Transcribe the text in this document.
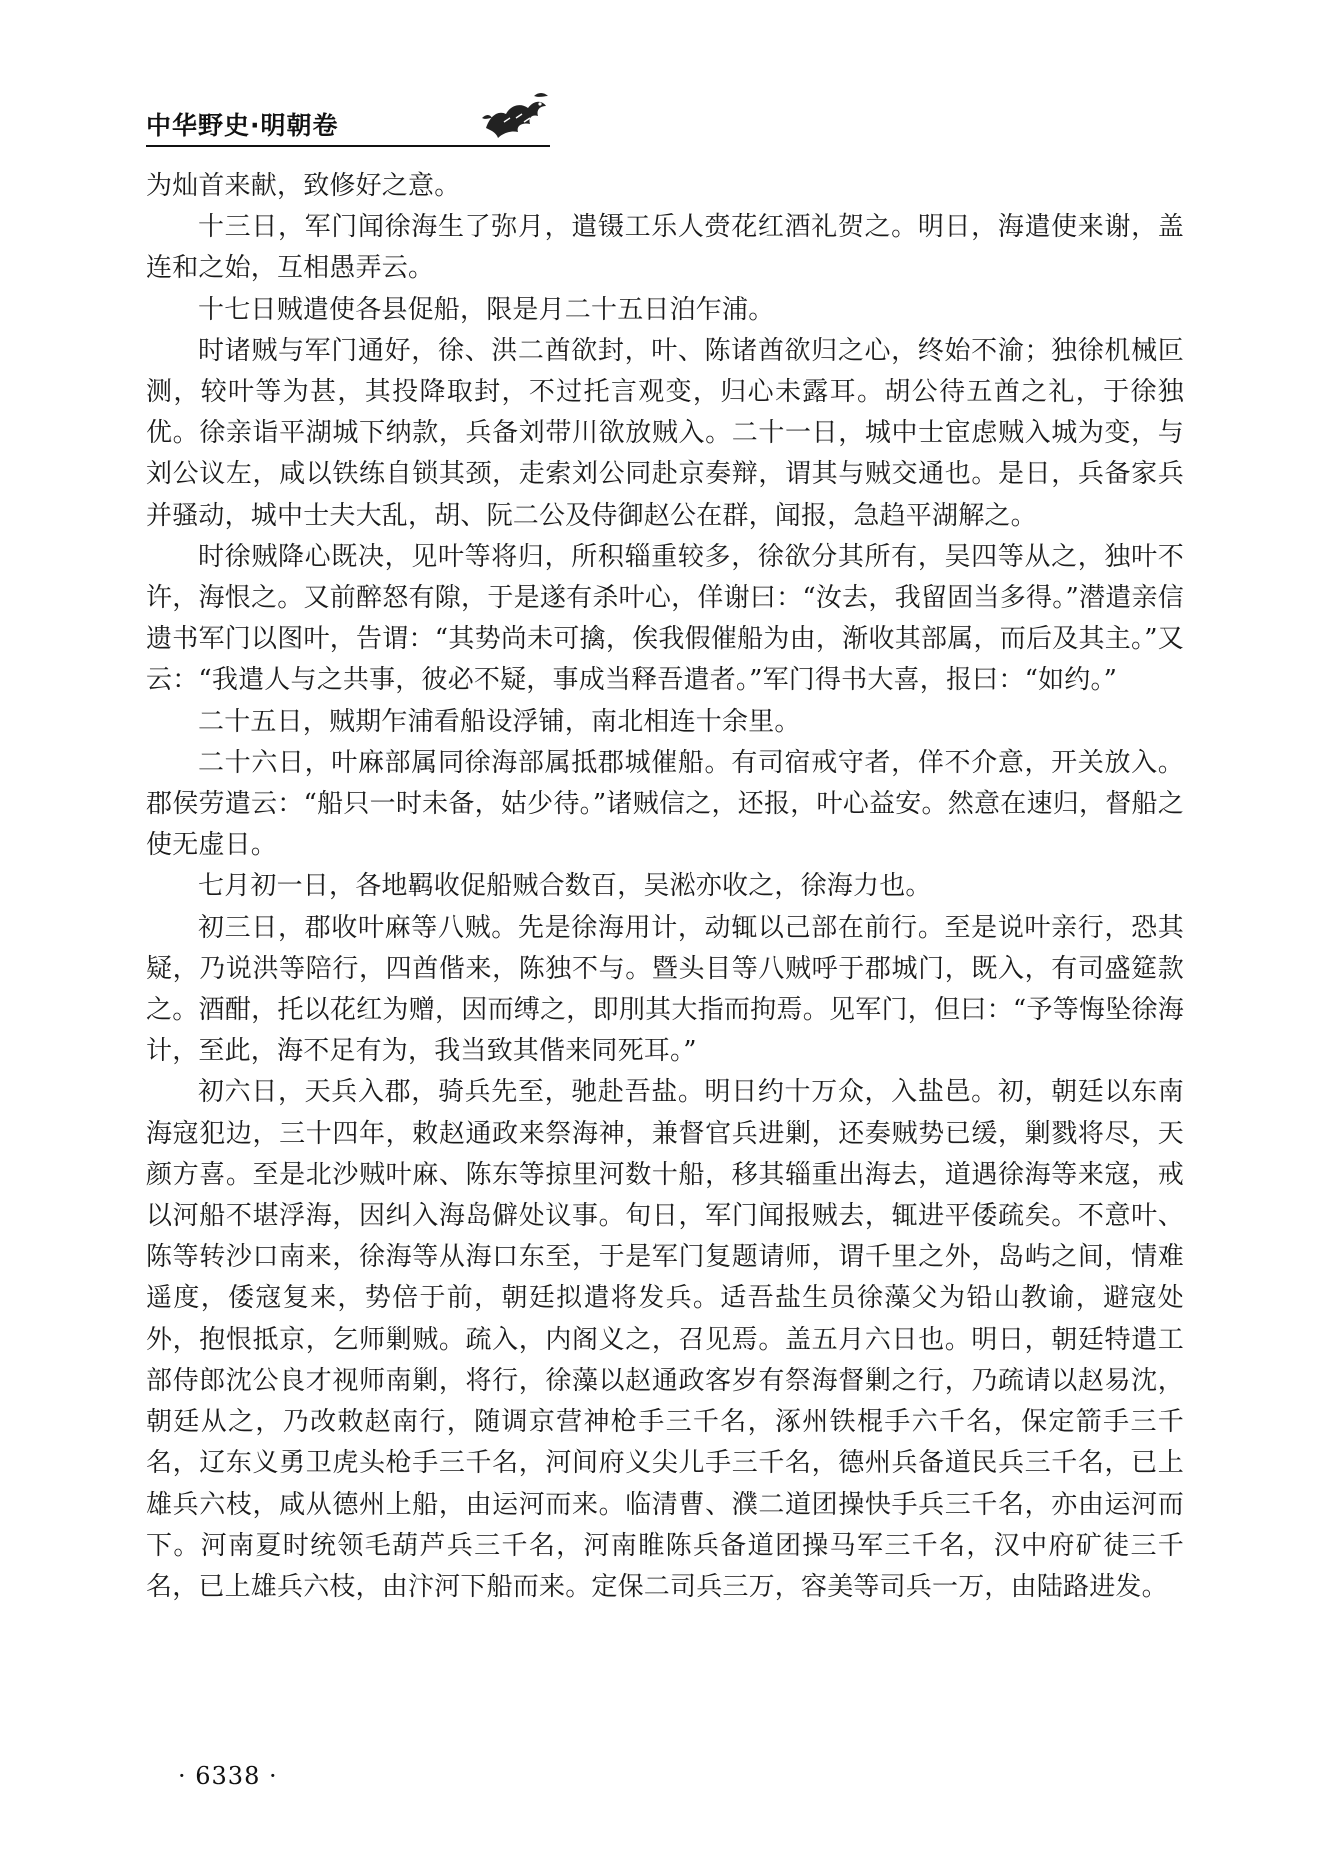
中华野史·明朝卷

为灿首来献，致修好之意。

十三日，军门闻徐海生了弥月，遣镊工乐人赍花红酒礼贺之。明日，海遣使来谢，盖连和之始，互相愚弄云。

十七日贼遣使各县促船，限是月二十五日泊乍浦。

时诸贼与军门通好，徐、洪二酋欲封，叶、陈诸酋欲归之心，终始不渝；独徐机械叵测，较叶等为甚，其投降取封，不过托言观变，归心未露耳。胡公待五酋之礼，于徐独优。徐亲诣平湖城下纳款，兵备刘带川欲放贼入。二十一日，城中士宦虑贼入城为变，与刘公议左，咸以铁练自锁其颈，走索刘公同赴京奏辩，谓其与贼交通也。是日，兵备家兵并骚动，城中士夫大乱，胡、阮二公及侍御赵公在群，闻报，急趋平湖解之。

时徐贼降心既决，见叶等将归，所积辎重较多，徐欲分其所有，吴四等从之，独叶不许，海恨之。又前醉怒有隙，于是遂有杀叶心，佯谢曰：“汝去，我留固当多得。”潜遣亲信遗书军门以图叶，告谓：“其势尚未可擒，俟我假催船为由，渐收其部属，而后及其主。”又云：“我遣人与之共事，彼必不疑，事成当释吾遣者。”军门得书大喜，报曰：“如约。”

二十五日，贼期乍浦看船设浮铺，南北相连十余里。

二十六日，叶麻部属同徐海部属抵郡城催船。有司宿戒守者，佯不介意，开关放入。郡侯劳遣云：“船只一时未备，姑少待。”诸贼信之，还报，叶心益安。然意在速归，督船之使无虚日。

七月初一日，各地羁收促船贼合数百，吴淞亦收之，徐海力也。

初三日，郡收叶麻等八贼。先是徐海用计，动辄以己部在前行。至是说叶亲行，恐其疑，乃说洪等陪行，四酋偕来，陈独不与。暨头目等八贼呼于郡城门，既入，有司盛筵款之。酒酣，托以花红为赠，因而缚之，即刖其大指而拘焉。见军门，但曰：“予等悔坠徐海计，至此，海不足有为，我当致其偕来同死耳。”

初六日，天兵入郡，骑兵先至，驰赴吾盐。明日约十万众，入盐邑。初，朝廷以东南海寇犯边，三十四年，敕赵通政来祭海神，兼督官兵进剿，还奏贼势已缓，剿戮将尽，天颜方喜。至是北沙贼叶麻、陈东等掠里河数十船，移其辎重出海去，道遇徐海等来寇，戒以河船不堪浮海，因纠入海岛僻处议事。旬日，军门闻报贼去，辄进平倭疏矣。不意叶、陈等转沙口南来，徐海等从海口东至，于是军门复题请师，谓千里之外，岛屿之间，情难遥度，倭寇复来，势倍于前，朝廷拟遣将发兵。适吾盐生员徐藻父为铅山教谕，避寇处外，抱恨抵京，乞师剿贼。疏入，内阁义之，召见焉。盖五月六日也。明日，朝廷特遣工部侍郎沈公良才视师南剿，将行，徐藻以赵通政客岁有祭海督剿之行，乃疏请以赵易沈，朝廷从之，乃改敕赵南行，随调京营神枪手三千名，涿州铁棍手六千名，保定箭手三千名，辽东义勇卫虎头枪手三千名，河间府义尖儿手三千名，德州兵备道民兵三千名，已上雄兵六枝，咸从德州上船，由运河而来。临清曹、濮二道团操快手兵三千名，亦由运河而下。河南夏时统领毛葫芦兵三千名，河南睢陈兵备道团操马军三千名，汉中府矿徒三千名，已上雄兵六枝，由汴河下船而来。定保二司兵三万，容美等司兵一万，由陆路进发。

· 6338 ·
